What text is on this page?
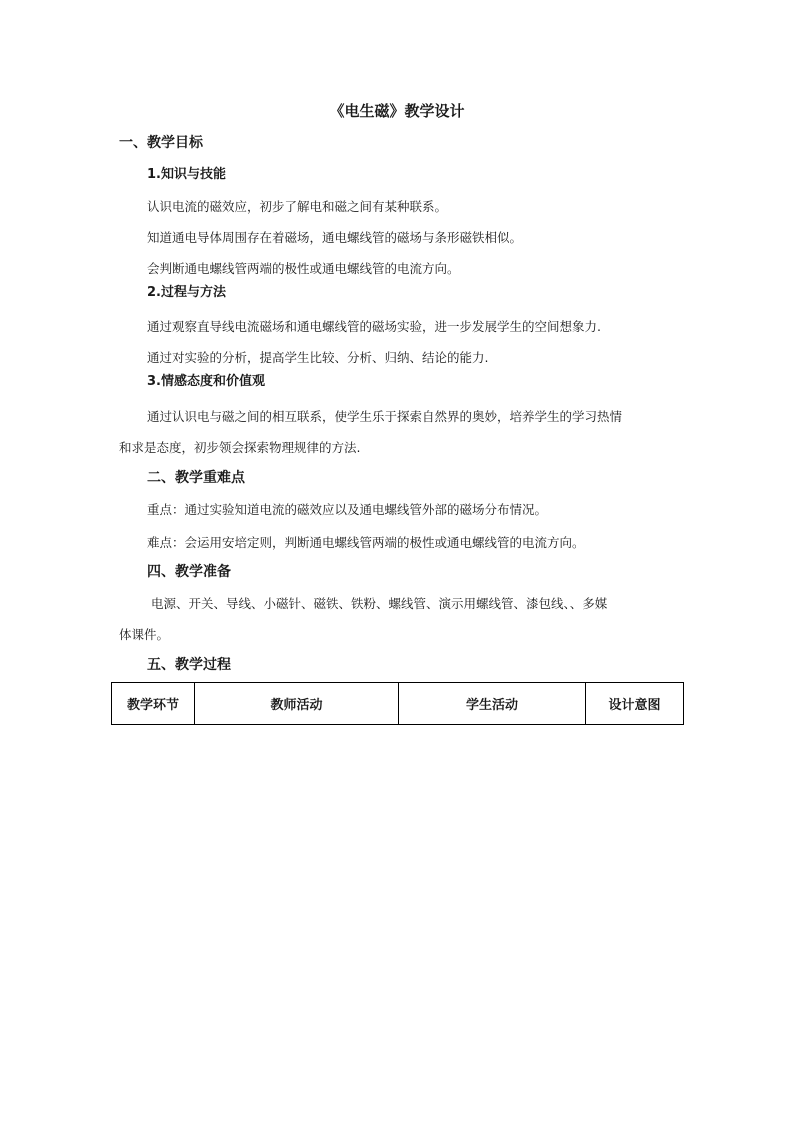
《电生磁》教学设计
一、教学目标
1.知识与技能
认识电流的磁效应，初步了解电和磁之间有某种联系。
知道通电导体周围存在着磁场，通电螺线管的磁场与条形磁铁相似。
会判断通电螺线管两端的极性或通电螺线管的电流方向。
2.过程与方法
通过观察直导线电流磁场和通电螺线管的磁场实验，进一步发展学生的空间想象力.
通过对实验的分析，提高学生比较、分析、归纳、结论的能力.
3.情感态度和价值观
通过认识电与磁之间的相互联系，使学生乐于探索自然界的奥妙，培养学生的学习热情
和求是态度，初步领会探索物理规律的方法.
二、教学重难点
重点：通过实验知道电流的磁效应以及通电螺线管外部的磁场分布情况。
难点：会运用安培定则，判断通电螺线管两端的极性或通电螺线管的电流方向。
四、教学准备
电源、开关、导线、小磁针、磁铁、铁粉、螺线管、演示用螺线管、漆包线、、多媒
体课件。
五、教学过程
教学环节	教师活动	学生活动	设计意图
